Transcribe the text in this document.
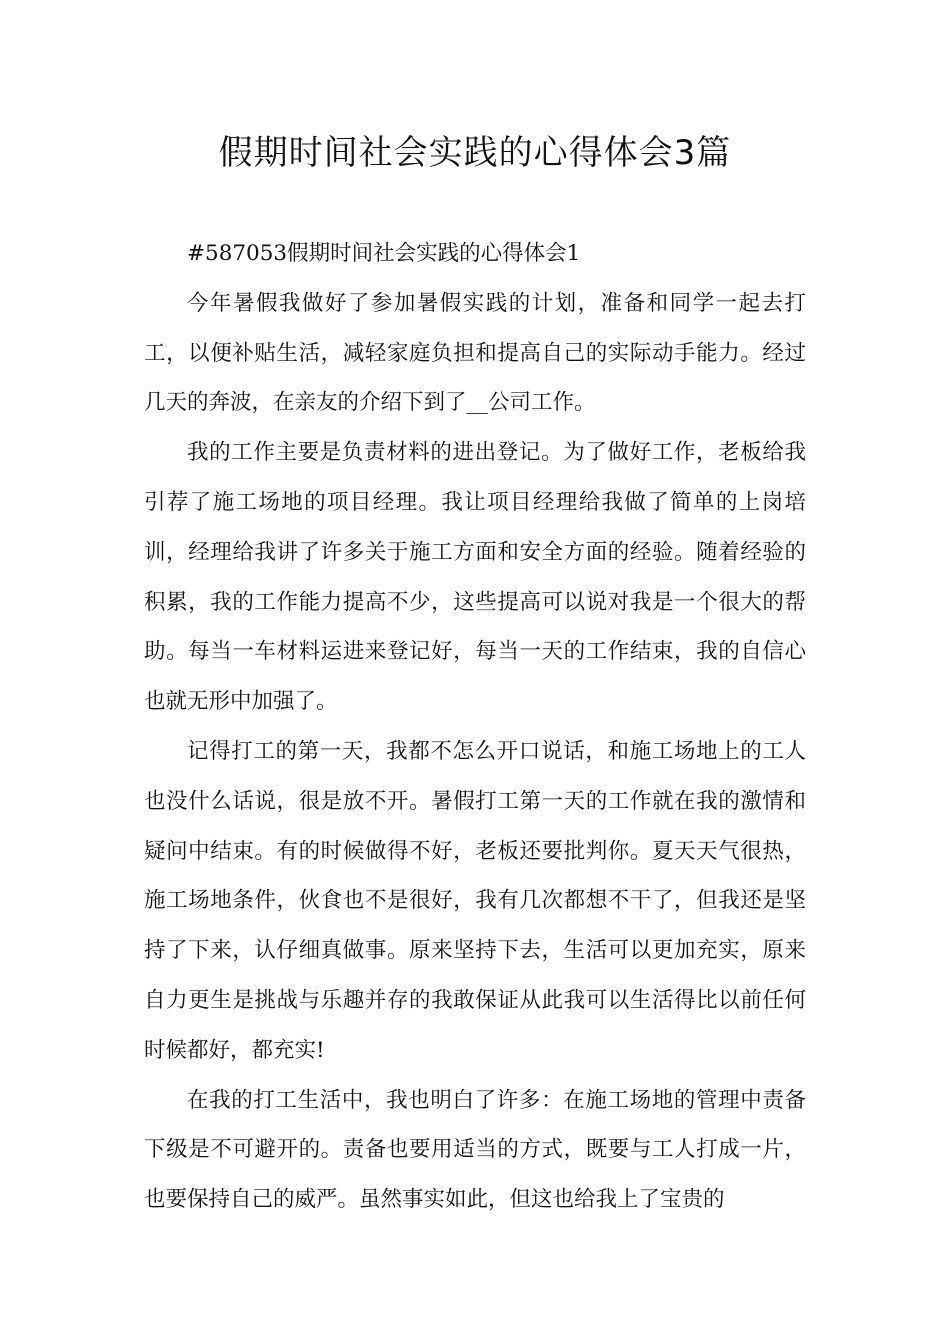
假期时间社会实践的心得体会3篇
#587053假期时间社会实践的心得体会1

今年暑假我做好了参加暑假实践的计划，准备和同学一起去打工，以便补贴生活，减轻家庭负担和提高自己的实际动手能力。经过几天的奔波，在亲友的介绍下到了__公司工作。

我的工作主要是负责材料的进出登记。为了做好工作，老板给我引荐了施工场地的项目经理。我让项目经理给我做了简单的上岗培训，经理给我讲了许多关于施工方面和安全方面的经验。随着经验的积累，我的工作能力提高不少，这些提高可以说对我是一个很大的帮助。每当一车材料运进来登记好，每当一天的工作结束，我的自信心也就无形中加强了。

记得打工的第一天，我都不怎么开口说话，和施工场地上的工人也没什么话说，很是放不开。暑假打工第一天的工作就在我的激情和疑问中结束。有的时候做得不好，老板还要批判你。夏天天气很热，施工场地条件，伙食也不是很好，我有几次都想不干了，但我还是坚持了下来，认仔细真做事。原来坚持下去，生活可以更加充实，原来自力更生是挑战与乐趣并存的我敢保证从此我可以生活得比以前任何时候都好，都充实!

在我的打工生活中，我也明白了许多：在施工场地的管理中责备下级是不可避开的。责备也要用适当的方式，既要与工人打成一片，也要保持自己的威严。虽然事实如此，但这也给我上了宝贵的
